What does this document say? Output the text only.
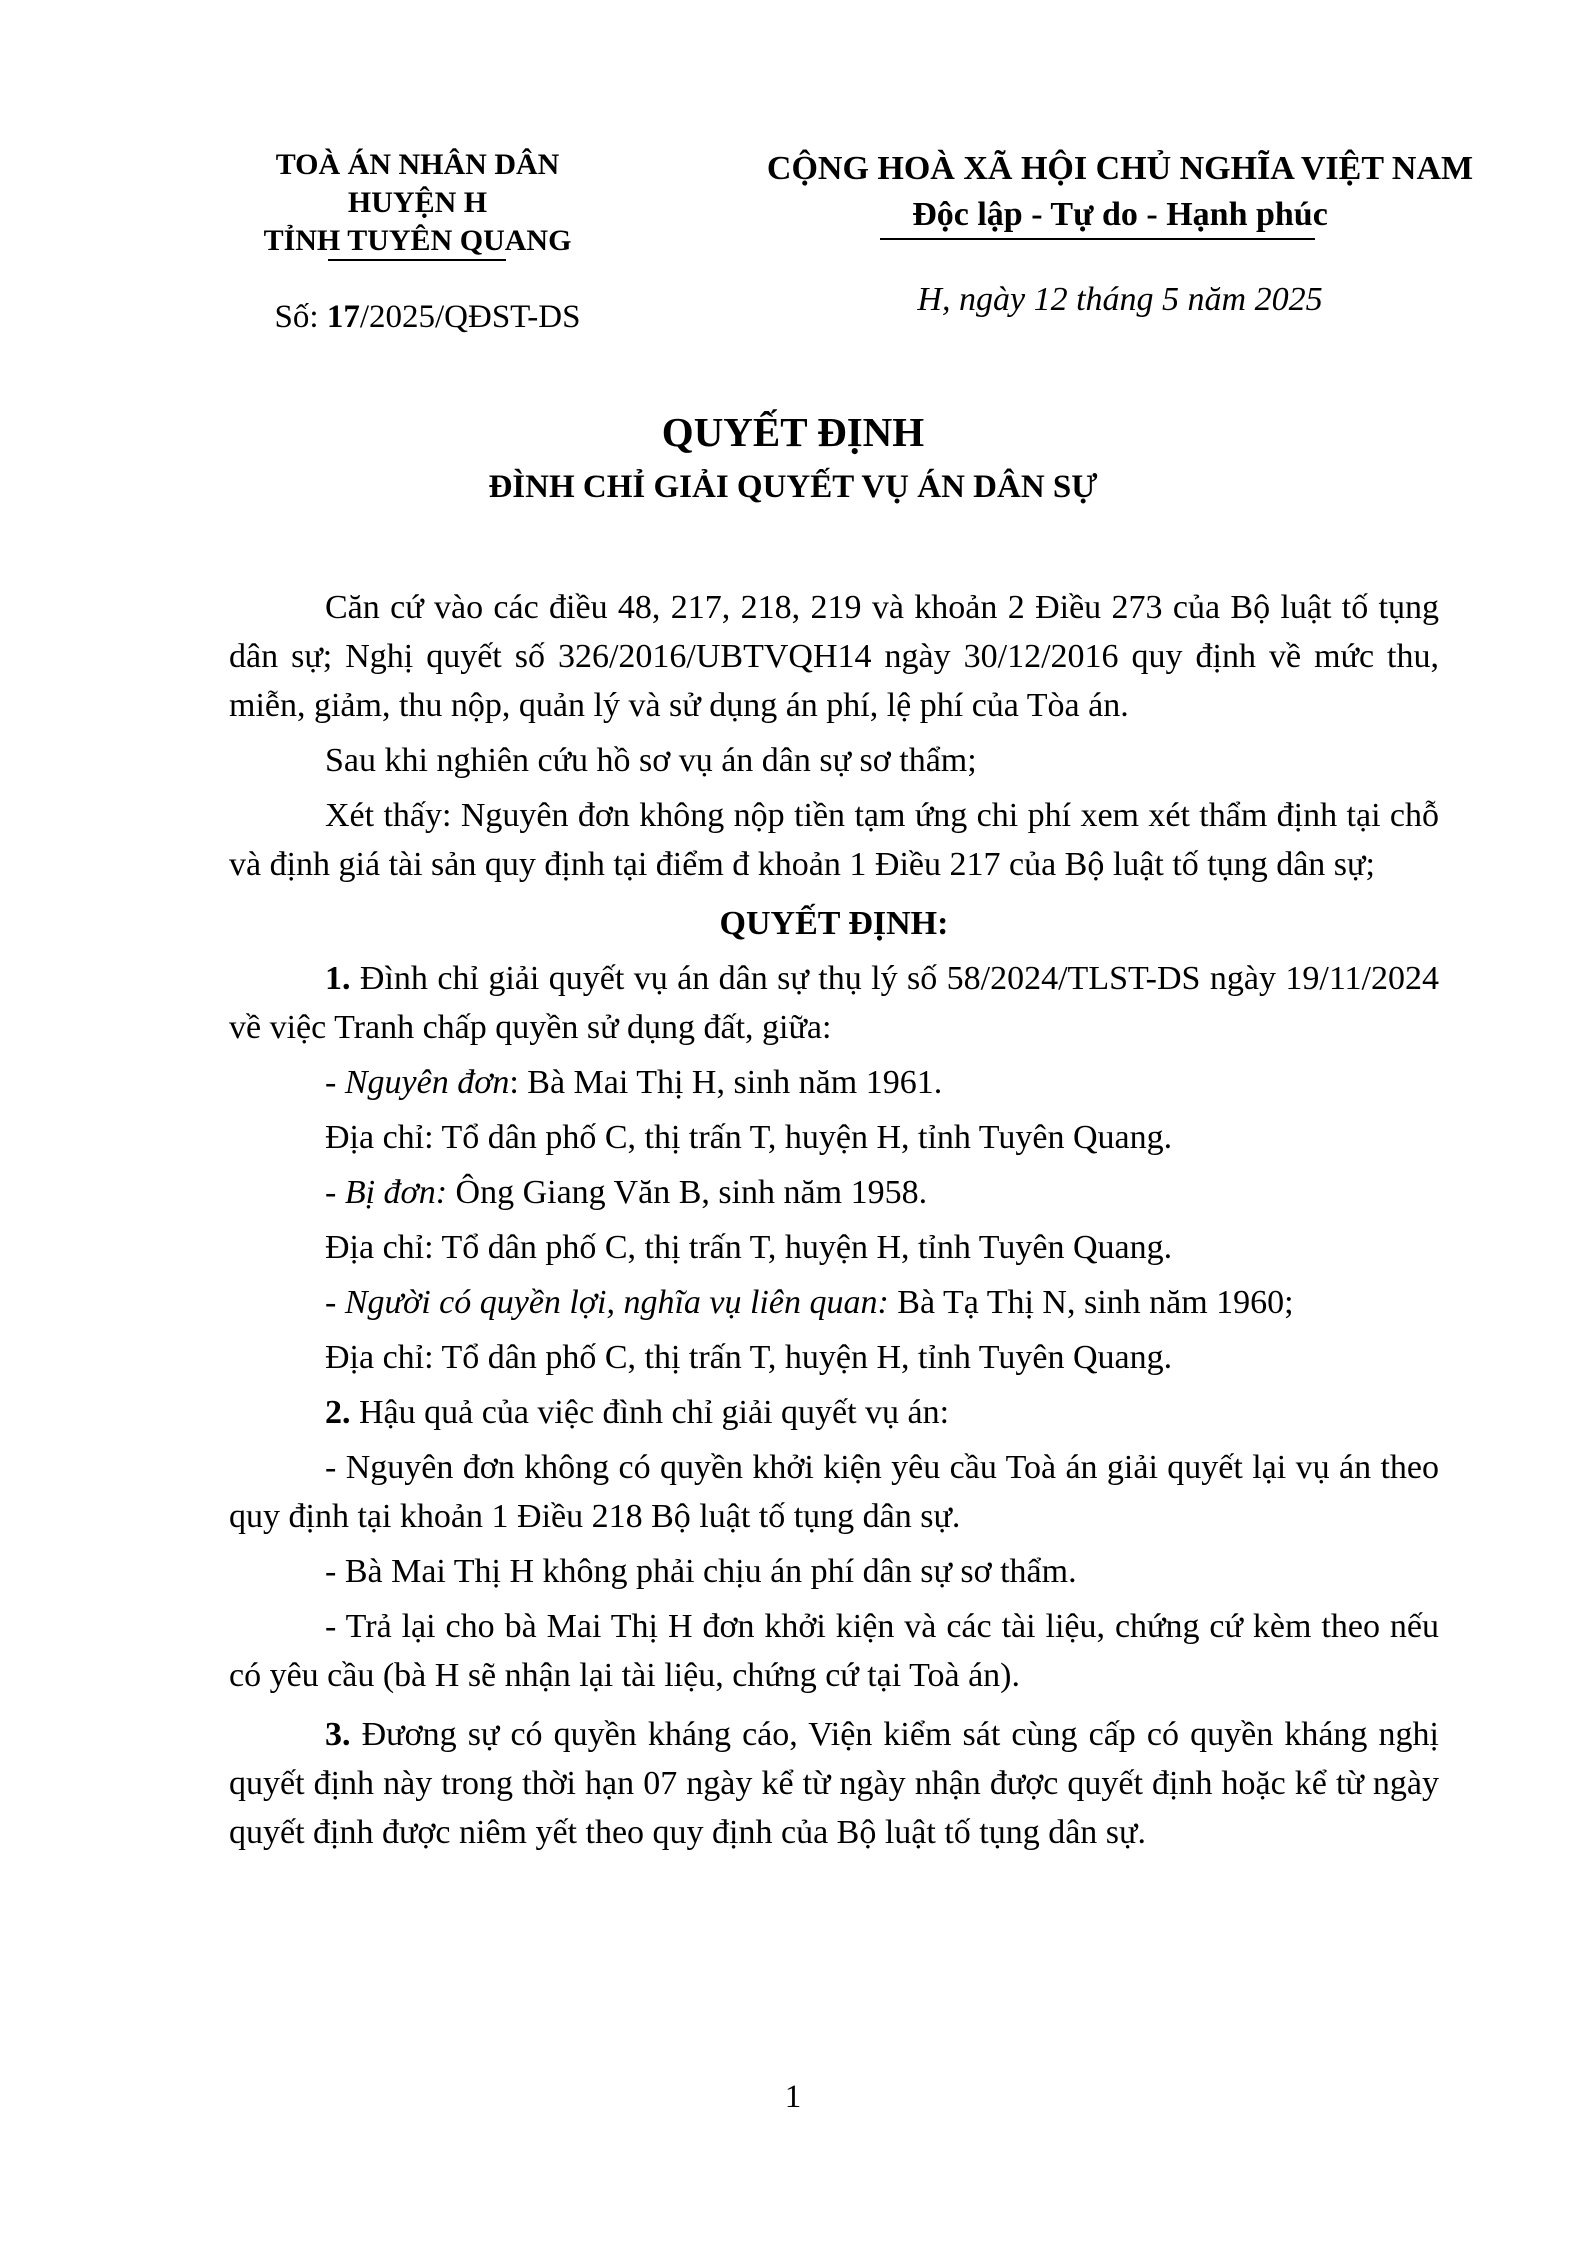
TOÀ ÁN NHÂN DÂN
HUYỆN H
TỈNH TUYÊN QUANG
Số: 17/2025/QĐST-DS
CỘNG HOÀ XÃ HỘI CHỦ NGHĨA VIỆT NAM
Độc lập - Tự do - Hạnh phúc
H, ngày 12 tháng 5 năm 2025
QUYẾT ĐỊNH
ĐÌNH CHỈ GIẢI QUYẾT VỤ ÁN DÂN SỰ

Căn cứ vào các điều 48, 217, 218, 219 và khoản 2 Điều 273 của Bộ luật tố tụng dân sự; Nghị quyết số 326/2016/UBTVQH14 ngày 30/12/2016 quy định về mức thu, miễn, giảm, thu nộp, quản lý và sử dụng án phí, lệ phí của Tòa án.

Sau khi nghiên cứu hồ sơ vụ án dân sự sơ thẩm;

Xét thấy: Nguyên đơn không nộp tiền tạm ứng chi phí xem xét thẩm định tại chỗ và định giá tài sản quy định tại điểm đ khoản 1 Điều 217 của Bộ luật tố tụng dân sự;

QUYẾT ĐỊNH:

1. Đình chỉ giải quyết vụ án dân sự thụ lý số 58/2024/TLST-DS ngày 19/11/2024 về việc Tranh chấp quyền sử dụng đất, giữa:

- Nguyên đơn: Bà Mai Thị H, sinh năm 1961.

Địa chỉ: Tổ dân phố C, thị trấn T, huyện H, tỉnh Tuyên Quang.

- Bị đơn: Ông Giang Văn B, sinh năm 1958.

Địa chỉ: Tổ dân phố C, thị trấn T, huyện H, tỉnh Tuyên Quang.

- Người có quyền lợi, nghĩa vụ liên quan: Bà Tạ Thị N, sinh năm 1960;

Địa chỉ: Tổ dân phố C, thị trấn T, huyện H, tỉnh Tuyên Quang.

2. Hậu quả của việc đình chỉ giải quyết vụ án:

- Nguyên đơn không có quyền khởi kiện yêu cầu Toà án giải quyết lại vụ án theo quy định tại khoản 1 Điều 218 Bộ luật tố tụng dân sự.

- Bà Mai Thị H không phải chịu án phí dân sự sơ thẩm.

- Trả lại cho bà Mai Thị H đơn khởi kiện và các tài liệu, chứng cứ kèm theo nếu có yêu cầu (bà H sẽ nhận lại tài liệu, chứng cứ tại Toà án).

3. Đương sự có quyền kháng cáo, Viện kiểm sát cùng cấp có quyền kháng nghị quyết định này trong thời hạn 07 ngày kể từ ngày nhận được quyết định hoặc kể từ ngày quyết định được niêm yết theo quy định của Bộ luật tố tụng dân sự.

1
